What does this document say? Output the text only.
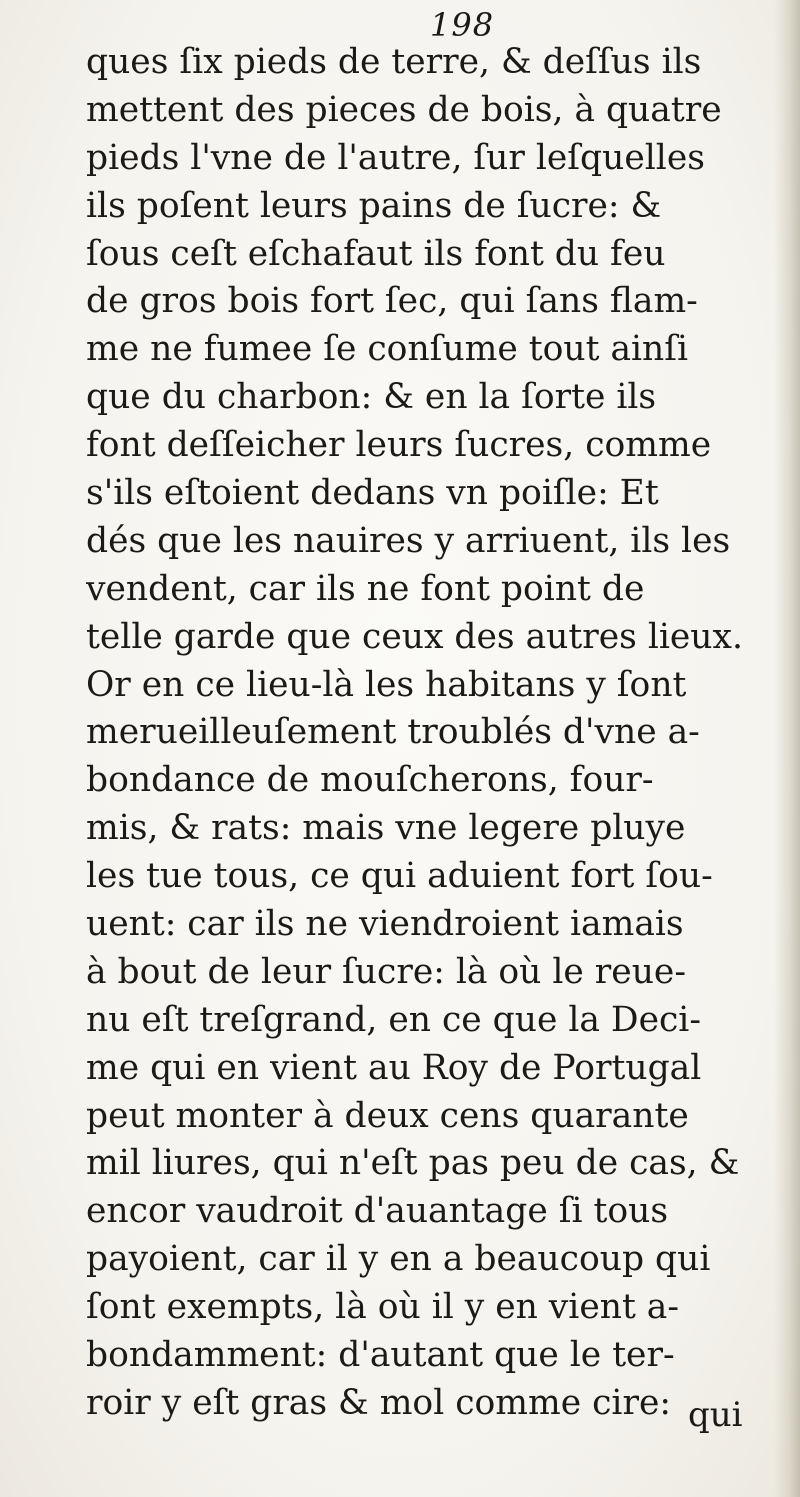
198
ques ſix pieds de terre, & deſſus ils
mettent des pieces de bois, à quatre
pieds l'vne de l'autre, ſur leſquelles
ils poſent leurs pains de ſucre: &
ſous ceſt eſchafaut ils font du feu
de gros bois fort ſec, qui ſans flam-
me ne fumee ſe conſume tout ainſi
que du charbon: & en la ſorte ils
font deſſeicher leurs ſucres, comme
s'ils eſtoient dedans vn poiſle: Et
dés que les nauires y arriuent, ils les
vendent, car ils ne font point de
telle garde que ceux des autres lieux.
Or en ce lieu-là les habitans y ſont
merueilleuſement troublés d'vne a-
bondance de mouſcherons, four-
mis, & rats: mais vne legere pluye
les tue tous, ce qui aduient fort ſou-
uent: car ils ne viendroient iamais
à bout de leur ſucre: là où le reue-
nu eſt treſgrand, en ce que la Deci-
me qui en vient au Roy de Portugal
peut monter à deux cens quarante
mil liures, qui n'eſt pas peu de cas, &
encor vaudroit d'auantage ſi tous
payoient, car il y en a beaucoup qui
ſont exempts, là où il y en vient a-
bondamment: d'autant que le ter-
roir y eſt gras & mol comme cire: qui
